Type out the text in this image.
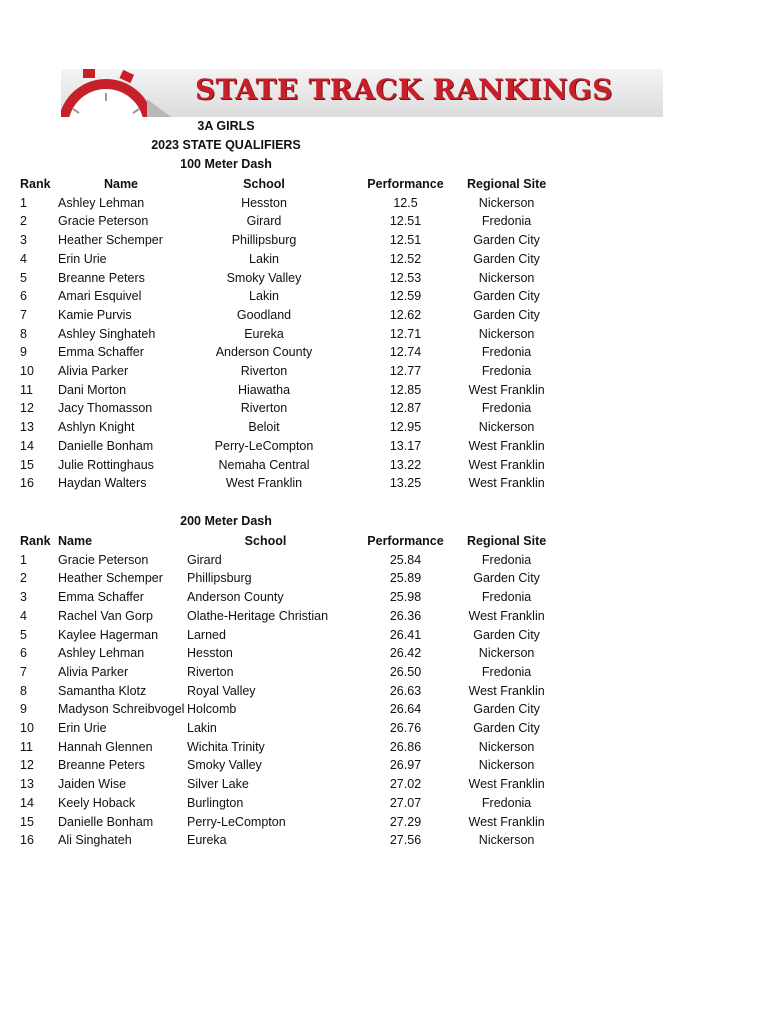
STATE TRACK RANKINGS
3A GIRLS
2023 STATE QUALIFIERS
100 Meter Dash
Rank	Name	School	Performance	Regional Site
1	Ashley Lehman	Hesston	12.5	Nickerson
2	Gracie Peterson	Girard	12.51	Fredonia
3	Heather Schemper	Phillipsburg	12.51	Garden City
4	Erin Urie	Lakin	12.52	Garden City
5	Breanne Peters	Smoky Valley	12.53	Nickerson
6	Amari Esquivel	Lakin	12.59	Garden City
7	Kamie Purvis	Goodland	12.62	Garden City
8	Ashley Singhateh	Eureka	12.71	Nickerson
9	Emma Schaffer	Anderson County	12.74	Fredonia
10	Alivia Parker	Riverton	12.77	Fredonia
11	Dani Morton	Hiawatha	12.85	West Franklin
12	Jacy Thomasson	Riverton	12.87	Fredonia
13	Ashlyn Knight	Beloit	12.95	Nickerson
14	Danielle Bonham	Perry-LeCompton	13.17	West Franklin
15	Julie Rottinghaus	Nemaha Central	13.22	West Franklin
16	Haydan Walters	West Franklin	13.25	West Franklin
200 Meter Dash
Rank	Name	School	Performance	Regional Site
1	Gracie Peterson	Girard	25.84	Fredonia
2	Heather Schemper	Phillipsburg	25.89	Garden City
3	Emma Schaffer	Anderson County	25.98	Fredonia
4	Rachel Van Gorp	Olathe-Heritage Christian	26.36	West Franklin
5	Kaylee Hagerman	Larned	26.41	Garden City
6	Ashley Lehman	Hesston	26.42	Nickerson
7	Alivia Parker	Riverton	26.50	Fredonia
8	Samantha Klotz	Royal Valley	26.63	West Franklin
9	Madyson Schreibvogel	Holcomb	26.64	Garden City
10	Erin Urie	Lakin	26.76	Garden City
11	Hannah Glennen	Wichita Trinity	26.86	Nickerson
12	Breanne Peters	Smoky Valley	26.97	Nickerson
13	Jaiden Wise	Silver Lake	27.02	West Franklin
14	Keely Hoback	Burlington	27.07	Fredonia
15	Danielle Bonham	Perry-LeCompton	27.29	West Franklin
16	Ali Singhateh	Eureka	27.56	Nickerson
